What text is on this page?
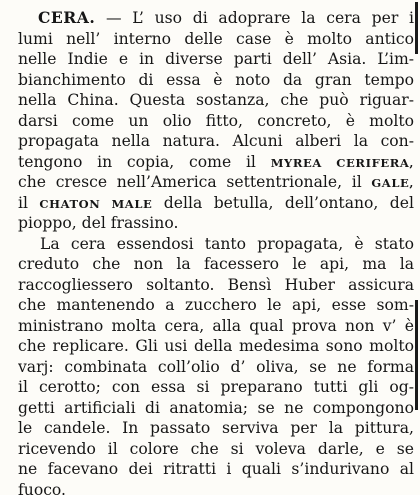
CERA. — L’ uso di adoprare la cera per i
lumi nell’ interno delle case è molto antico
nelle Indie e in diverse parti dell’ Asia. L’im-
bianchimento di essa è noto da gran tempo
nella China. Questa sostanza, che può riguar-
darsi come un olio fitto, concreto, è molto
propagata nella natura. Alcuni alberi la con-
tengono in copia, come il MYREA CERIFERA,
che cresce nell’America settentrionale, il GALE,
il CHATON MALE della betulla, dell’ontano, del
pioppo, del frassino.
La cera essendosi tanto propagata, è stato
creduto che non la facessero le api, ma la
raccogliessero soltanto. Bensì Huber assicura
che mantenendo a zucchero le api, esse som-
ministrano molta cera, alla qual prova non v’ è
che replicare. Gli usi della medesima sono molto
varj: combinata coll’olio d’ oliva, se ne forma
il cerotto; con essa si preparano tutti gli og-
getti artificiali di anatomia; se ne compongono
le candele. In passato serviva per la pittura,
ricevendo il colore che si voleva darle, e se
ne facevano dei ritratti i quali s’indurivano al
fuoco.
